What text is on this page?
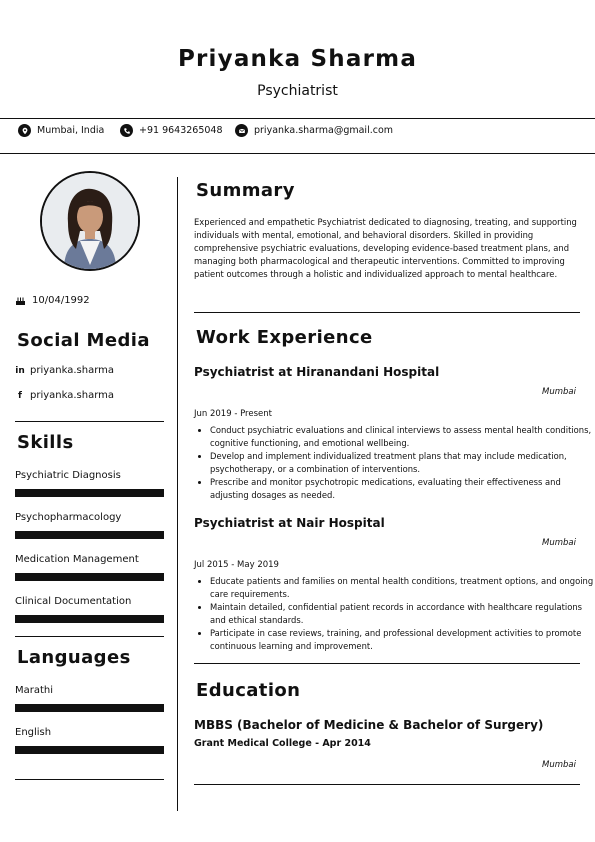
Priyanka Sharma
Psychiatrist
Mumbai, India	+91 9643265048	priyanka.sharma@gmail.com
10/04/1992
Social Media
in priyanka.sharma
f priyanka.sharma
Skills
Psychiatric Diagnosis
Psychopharmacology
Medication Management
Clinical Documentation
Languages
Marathi
English
Summary
Experienced and empathetic Psychiatrist dedicated to diagnosing, treating, and supporting individuals with mental, emotional, and behavioral disorders. Skilled in providing comprehensive psychiatric evaluations, developing evidence-based treatment plans, and managing both pharmacological and therapeutic interventions. Committed to improving patient outcomes through a holistic and individualized approach to mental healthcare.
Work Experience
Psychiatrist at Hiranandani Hospital
Mumbai
Jun 2019 - Present
• Conduct psychiatric evaluations and clinical interviews to assess mental health conditions, cognitive functioning, and emotional wellbeing.
• Develop and implement individualized treatment plans that may include medication, psychotherapy, or a combination of interventions.
• Prescribe and monitor psychotropic medications, evaluating their effectiveness and adjusting dosages as needed.
Psychiatrist at Nair Hospital
Mumbai
Jul 2015 - May 2019
• Educate patients and families on mental health conditions, treatment options, and ongoing care requirements.
• Maintain detailed, confidential patient records in accordance with healthcare regulations and ethical standards.
• Participate in case reviews, training, and professional development activities to promote continuous learning and improvement.
Education
MBBS (Bachelor of Medicine & Bachelor of Surgery)
Grant Medical College - Apr 2014
Mumbai
